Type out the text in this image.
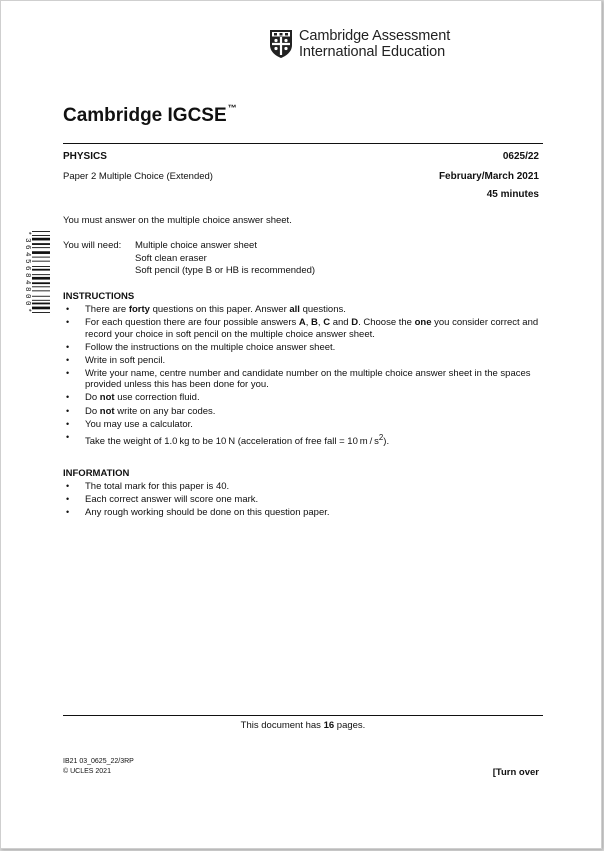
Cambridge Assessment
International Education
Cambridge IGCSE™
PHYSICS	0625/22
Paper 2 Multiple Choice (Extended)	February/March 2021
45 minutes
You must answer on the multiple choice answer sheet.
You will need: Multiple choice answer sheet
Soft clean eraser
Soft pencil (type B or HB is recommended)
*3645684800*	INSTRUCTIONS
• There are forty questions on this paper. Answer all questions.
• For each question there are four possible answers A, B, C and D. Choose the one you consider correct and record your choice in soft pencil on the multiple choice answer sheet.
• Follow the instructions on the multiple choice answer sheet.
• Write in soft pencil.
• Write your name, centre number and candidate number on the multiple choice answer sheet in the spaces provided unless this has been done for you.
• Do not use correction fluid.
• Do not write on any bar codes.
• You may use a calculator.
• Take the weight of 1.0 kg to be 10 N (acceleration of free fall = 10 m / $s^2$).
INFORMATION
• The total mark for this paper is 40.
• Each correct answer will score one mark.
• Any rough working should be done on this question paper.
This document has 16 pages.
IB21 03_0625_22/3RP
© UCLES 2021	[Turn over
